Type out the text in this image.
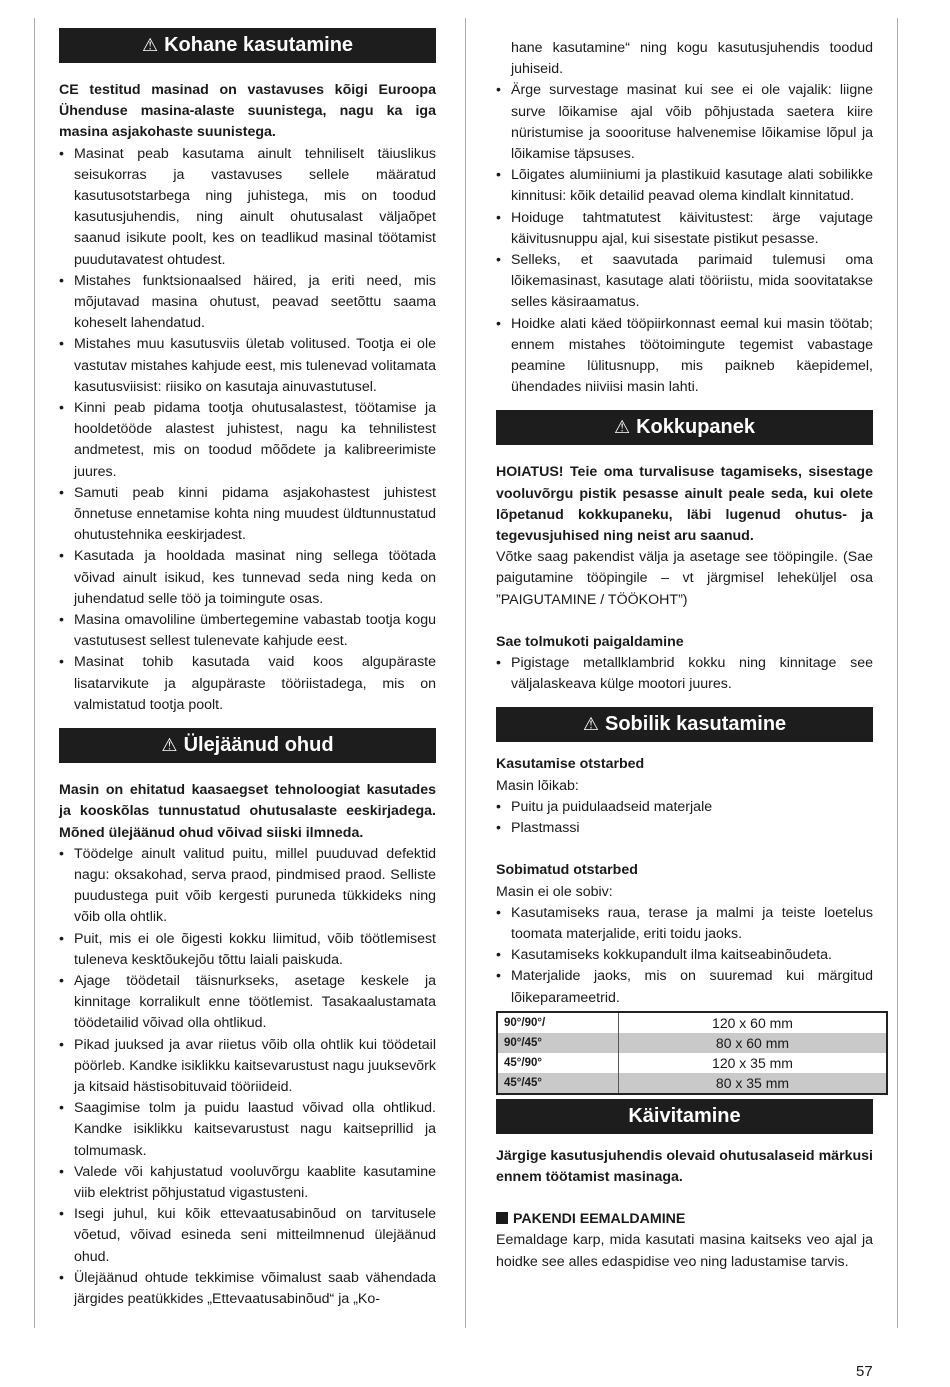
⚠ Kohane kasutamine

CE testitud masinad on vastavuses kõigi Euroopa Ühenduse masina-alaste suunistega, nagu ka iga masina asjakohaste suunistega.

• Masinat peab kasutama ainult tehniliselt täiuslikus seisukorras ja vastavuses sellele määratud kasutusotstarbega ning juhistega, mis on toodud kasutusjuhendis, ning ainult ohutusalast väljaõpet saanud isikute poolt, kes on teadlikud masinal töötamist puudutavatest ohtudest.
• Mistahes funktsionaalsed häired, ja eriti need, mis mõjutavad masina ohutust, peavad seetõttu saama koheselt lahendatud.
• Mistahes muu kasutusviis ületab volitused. Tootja ei ole vastutav mistahes kahjude eest, mis tulenevad volitamata kasutusviisist: riisiko on kasutaja ainuvastutusel.
• Kinni peab pidama tootja ohutusalastest, töötamise ja hooldetööde alastest juhistest, nagu ka tehnilistest andmetest, mis on toodud mõõdete ja kalibreerimiste juures.
• Samuti peab kinni pidama asjakohastest juhistest õnnetuse ennetamise kohta ning muudest üldtunnustatud ohutustehnika eeskirjadest.
• Kasutada ja hooldada masinat ning sellega töötada võivad ainult isikud, kes tunnevad seda ning keda on juhendatud selle töö ja toimingute osas.
• Masina omavoliline ümbertegemine vabastab tootja kogu vastutusest sellest tulenevate kahjude eest.
• Masinat tohib kasutada vaid koos algupäraste lisatarvikute ja algupäraste tööriistadega, mis on valmistatud tootja poolt.
⚠ Ülejäänud ohud

Masin on ehitatud kaasaegset tehnoloogiat kasutades ja kooskõlas tunnustatud ohutusalaste eeskirjadega. Mõned ülejäänud ohud võivad siiski ilmneda.

• Töödelge ainult valitud puitu, millel puuduvad defektid nagu: oksakohad, serva praod, pindmised praod. Selliste puudustega puit võib kergesti puruneda tükkideks ning võib olla ohtlik.
• Puit, mis ei ole õigesti kokku liimitud, võib töötlemisest tuleneva kesktõukejõu tõttu laiali paiskuda.
• Ajage töödetail täisnurkseks, asetage keskele ja kinnitage korralikult enne töötlemist. Tasakaalustamata töödetailid võivad olla ohtlikud.
• Pikad juuksed ja avar riietus võib olla ohtlik kui töödetail pöörleb. Kandke isiklikku kaitsevarustust nagu juuksevõrk ja kitsaid hästisobituvaid tööriideid.
• Saagimise tolm ja puidu laastud võivad olla ohtlikud. Kandke isiklikku kaitsevarustust nagu kaitseprillid ja tolmumask.
• Valede või kahjustatud vooluvõrgu kaablite kasutamine viib elektrist põhjustatud vigastusteni.
• Isegi juhul, kui kõik ettevaatusabinõud on tarvitusele võetud, võivad esineda seni mitteilmnenud ülejäänud ohud.
• Ülejäänud ohtude tekkimise võimalust saab vähendada järgides peatükkides „Ettevaatusabinõud“ ja „Ko-

hane kasutamine“ ning kogu kasutusjuhendis toodud juhiseid.

• Ärge survestage masinat kui see ei ole vajalik: liigne surve lõikamise ajal võib põhjustada saetera kiire nüristumise ja sooorituse halvenemise lõikamise lõpul ja lõikamise täpsuses.
• Lõigates alumiiniumi ja plastikuid kasutage alati sobilikke kinnitusi: kõik detailid peavad olema kindlalt kinnitatud.
• Hoiduge tahtmatutest käivitustest: ärge vajutage käivitusnuppu ajal, kui sisestate pistikut pesasse.
• Selleks, et saavutada parimaid tulemusi oma lõikemasinast, kasutage alati tööriistu, mida soovitatakse selles käsiraamatus.
• Hoidke alati käed tööpiirkonnast eemal kui masin töötab; ennem mistahes töötoimingute tegemist vabastage peamine lülitusnupp, mis paikneb käepidemel, ühendades niiviisi masin lahti.
⚠ Kokkupanek

HOIATUS! Teie oma turvalisuse tagamiseks, sisestage vooluvõrgu pistik pesasse ainult peale seda, kui olete lõpetanud kokkupaneku, läbi lugenud ohutus- ja tegevusjuhised ning neist aru saanud.

Võtke saag pakendist välja ja asetage see tööpingile. (Sae paigutamine tööpingile – vt järgmisel leheküljel osa ”PAIGUTAMINE / TÖÖKOHT”)

Sae tolmukoti paigaldamine

• Pigistage metallklambrid kokku ning kinnitage see väljalaskeava külge mootori juures.
⚠ Sobilik kasutamine

Kasutamise otstarbed

Masin lõikab:

• Puitu ja puidulaadseid materjale
• Plastmassi

Sobimatud otstarbed

Masin ei ole sobiv:

• Kasutamiseks raua, terase ja malmi ja teiste loetelus toomata materjalide, eriti toidu jaoks.
• Kasutamiseks kokkupandult ilma kaitseabinõudeta.
• Materjalide jaoks, mis on suuremad kui märgitud lõikeparameetrid.
90°/90°/	120 x 60 mm
90°/45°	80 x 60 mm
45°/90°	120 x 35 mm
45°/45°	80 x 35 mm
Käivitamine

Järgige kasutusjuhendis olevaid ohutusalaseid märkusi ennem töötamist masinaga.

PAKENDI EEMALDAMINE

Eemaldage karp, mida kasutati masina kaitseks veo ajal ja hoidke see alles edaspidise veo ning ladustamise tarvis.

57
